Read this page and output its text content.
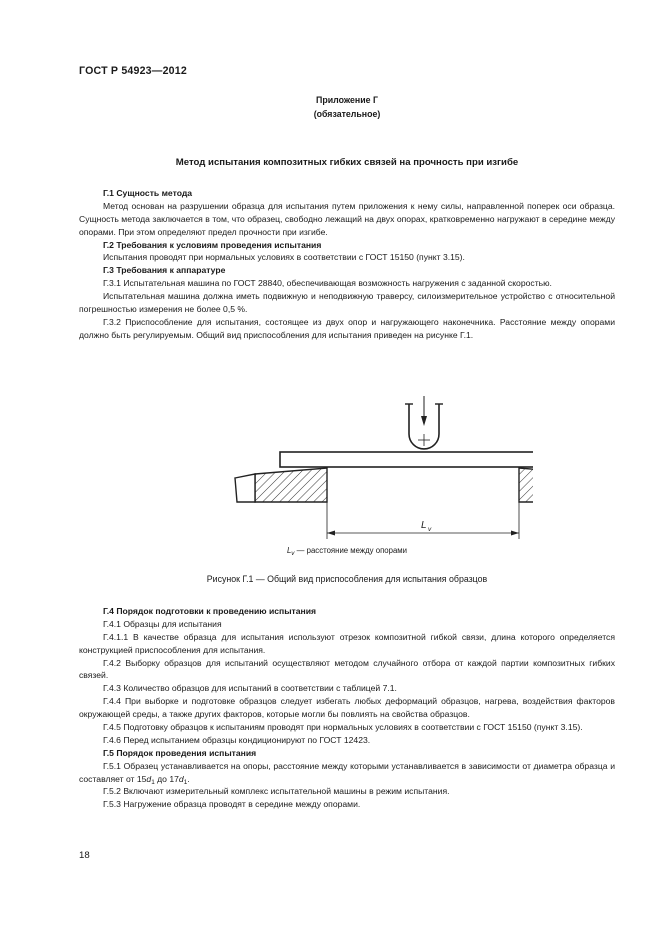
ГОСТ Р 54923—2012
Приложение Г
(обязательное)
Метод испытания композитных гибких связей на прочность при изгибе

Г.1 Сущность метода

Метод основан на разрушении образца для испытания путем приложения к нему силы, направленной поперек оси образца. Сущность метода заключается в том, что образец, свободно лежащий на двух опорах, кратковременно нагружают в середине между опорами. При этом определяют предел прочности при изгибе.

Г.2 Требования к условиям проведения испытания

Испытания проводят при нормальных условиях в соответствии с ГОСТ 15150 (пункт 3.15).

Г.3 Требования к аппаратуре

Г.3.1 Испытательная машина по ГОСТ 28840, обеспечивающая возможность нагружения с заданной скоростью.

Испытательная машина должна иметь подвижную и неподвижную траверсу, силоизмерительное устройство с относительной погрешностью измерения не более 0,5 %.

Г.3.2 Приспособление для испытания, состоящее из двух опор и нагружающего наконечника. Расстояние между опорами должно быть регулируемым. Общий вид приспособления для испытания приведен на рисунке Г.1.

L v
$L_v$ — расстояние между опорами
Рисунок Г.1 — Общий вид приспособления для испытания образцов

Г.4 Порядок подготовки к проведению испытания

Г.4.1 Образцы для испытания

Г.4.1.1 В качестве образца для испытания используют отрезок композитной гибкой связи, длина которого определяется конструкцией приспособления для испытания.

Г.4.2 Выборку образцов для испытаний осуществляют методом случайного отбора от каждой партии композитных гибких связей.

Г.4.3 Количество образцов для испытаний в соответствии с таблицей 7.1.

Г.4.4 При выборке и подготовке образцов следует избегать любых деформаций образцов, нагрева, воздействия факторов окружающей среды, а также других факторов, которые могли бы повлиять на свойства образцов.

Г.4.5 Подготовку образцов к испытаниям проводят при нормальных условиях в соответствии с ГОСТ 15150 (пункт 3.15).

Г.4.6 Перед испытанием образцы кондиционируют по ГОСТ 12423.

Г.5 Порядок проведения испытания

Г.5.1 Образец устанавливается на опоры, расстояние между которыми устанавливается в зависимости от диаметра образца и составляет от $15d_1$ до $17d_1$.

Г.5.2 Включают измерительный комплекс испытательной машины в режим испытания.

Г.5.3 Нагружение образца проводят в середине между опорами.

18
